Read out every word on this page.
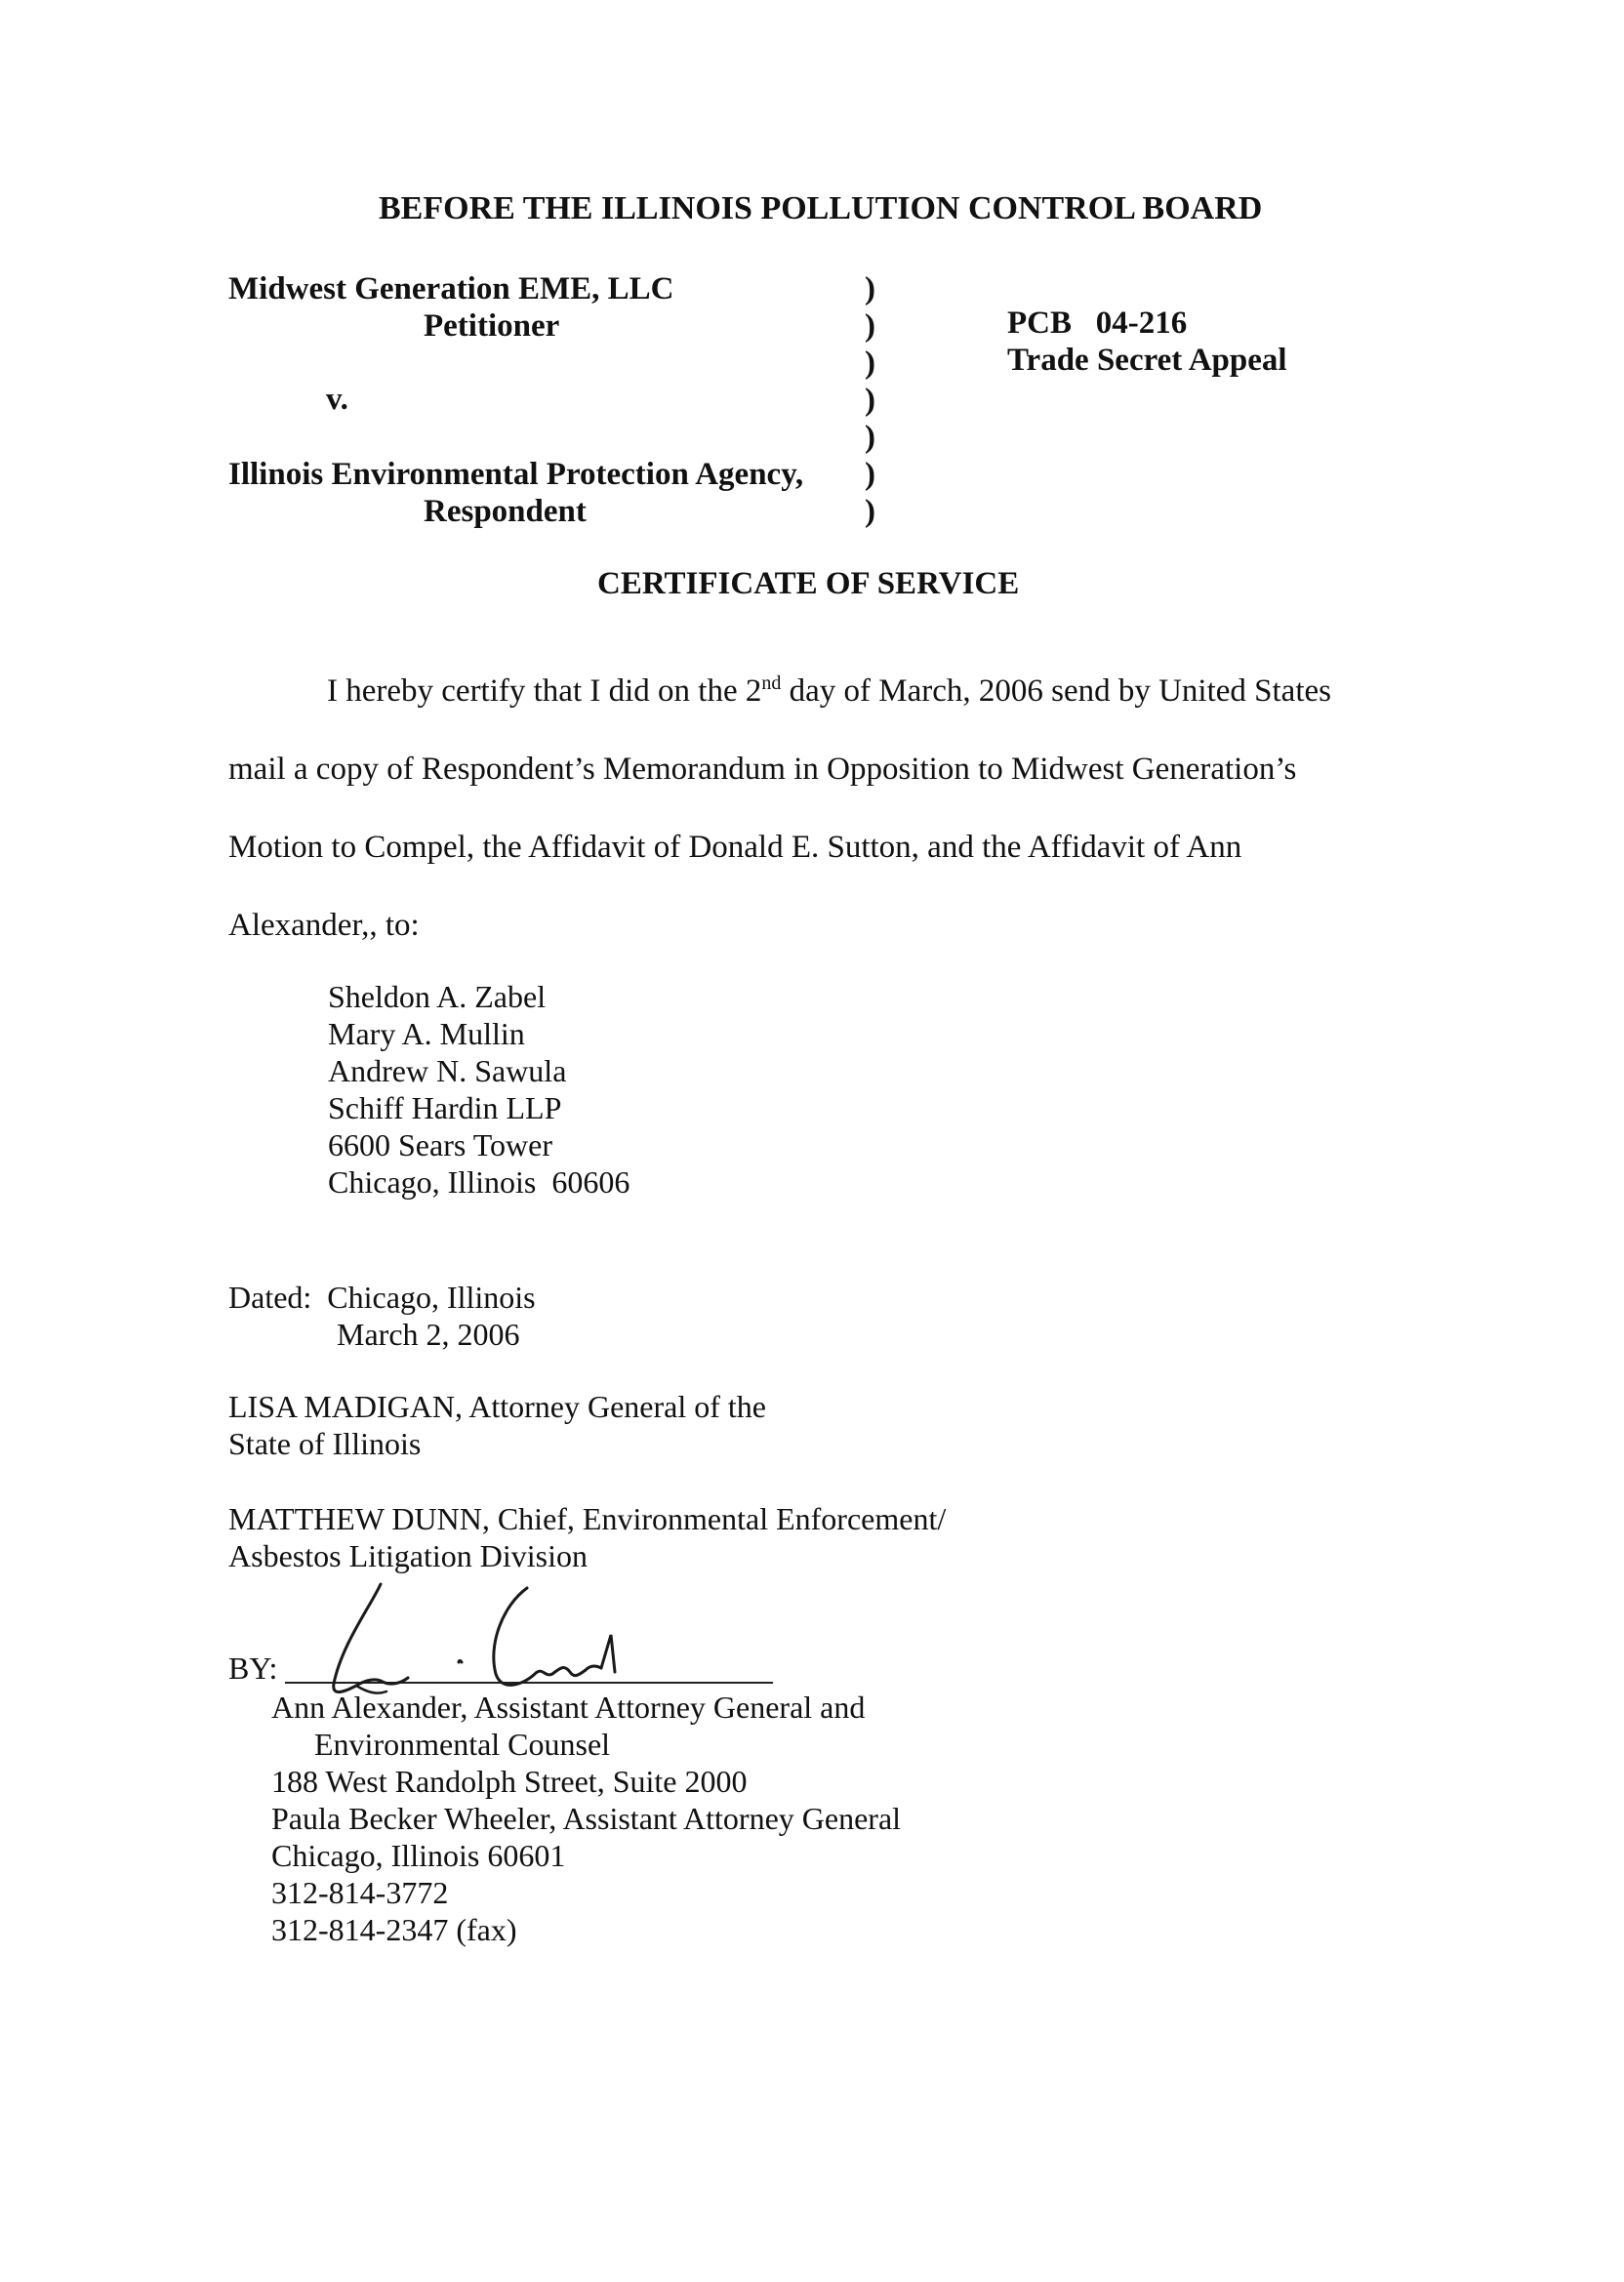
BEFORE THE ILLINOIS POLLUTION CONTROL BOARD
Midwest Generation EME, LLC
Petitioner
v.
Illinois Environmental Protection Agency,
Respondent
)
)
)
)
)
)
)
PCB   04-216
Trade Secret Appeal
CERTIFICATE OF SERVICE
I hereby certify that I did on the 2nd day of March, 2006 send by United States
mail a copy of Respondent’s Memorandum in Opposition to Midwest Generation’s
Motion to Compel, the Affidavit of Donald E. Sutton, and the Affidavit of Ann
Alexander,, to:
Sheldon A. Zabel
Mary A. Mullin
Andrew N. Sawula
Schiff Hardin LLP
6600 Sears Tower
Chicago, Illinois  60606
Dated:  Chicago, Illinois
March 2, 2006
LISA MADIGAN, Attorney General of the
State of Illinois
MATTHEW DUNN, Chief, Environmental Enforcement/
Asbestos Litigation Division
BY:
Ann Alexander, Assistant Attorney General and
Environmental Counsel
188 West Randolph Street, Suite 2000
Paula Becker Wheeler, Assistant Attorney General
Chicago, Illinois 60601
312-814-3772
312-814-2347 (fax)
